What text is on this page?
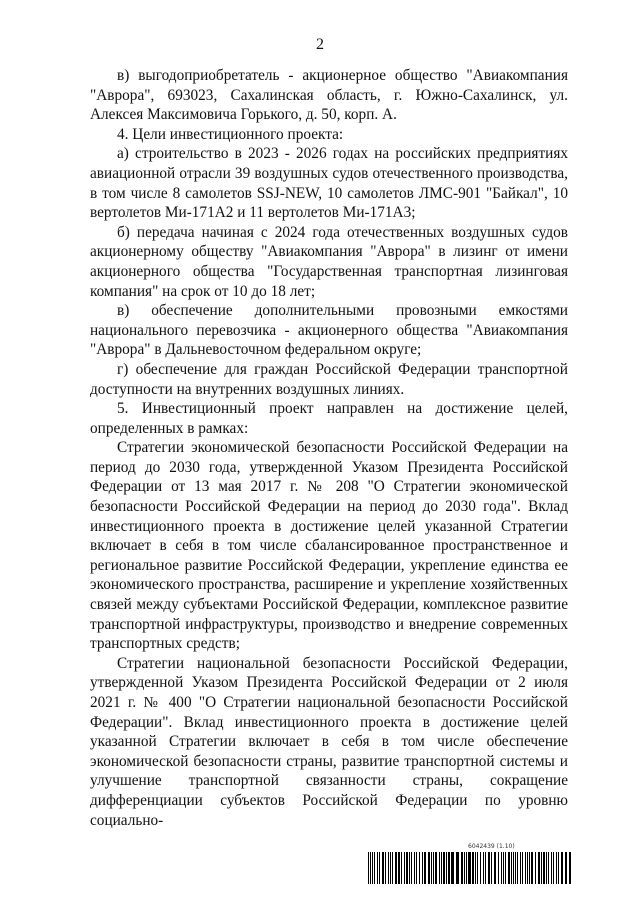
2

в) выгодоприобретатель - акционерное общество "Авиакомпания "Аврора", 693023, Сахалинская область, г. Южно-Сахалинск, ул. Алексея Максимовича Горького, д. 50, корп. А.

4. Цели инвестиционного проекта:

а) строительство в 2023 - 2026 годах на российских предприятиях авиационной отрасли 39 воздушных судов отечественного производства, в том числе 8 самолетов SSJ-NEW, 10 самолетов ЛМС-901 "Байкал", 10 вертолетов Ми-171А2 и 11 вертолетов Ми-171А3;

б) передача начиная с 2024 года отечественных воздушных судов акционерному обществу "Авиакомпания "Аврора" в лизинг от имени акционерного общества "Государственная транспортная лизинговая компания" на срок от 10 до 18 лет;

в) обеспечение дополнительными провозными емкостями национального перевозчика - акционерного общества "Авиакомпания "Аврора" в Дальневосточном федеральном округе;

г) обеспечение для граждан Российской Федерации транспортной доступности на внутренних воздушных линиях.

5. Инвестиционный проект направлен на достижение целей, определенных в рамках:

Стратегии экономической безопасности Российской Федерации на период до 2030 года, утвержденной Указом Президента Российской Федерации от 13 мая 2017 г. № 208 "О Стратегии экономической безопасности Российской Федерации на период до 2030 года". Вклад инвестиционного проекта в достижение целей указанной Стратегии включает в себя в том числе сбалансированное пространственное и региональное развитие Российской Федерации, укрепление единства ее экономического пространства, расширение и укрепление хозяйственных связей между субъектами Российской Федерации, комплексное развитие транспортной инфраструктуры, производство и внедрение современных транспортных средств;

Стратегии национальной безопасности Российской Федерации, утвержденной Указом Президента Российской Федерации от 2 июля 2021 г. № 400 "О Стратегии национальной безопасности Российской Федерации". Вклад инвестиционного проекта в достижение целей указанной Стратегии включает в себя в том числе обеспечение экономической безопасности страны, развитие транспортной системы и улучшение транспортной связанности страны, сокращение дифференциации субъектов Российской Федерации по уровню социально-

6042439 (1.10)
